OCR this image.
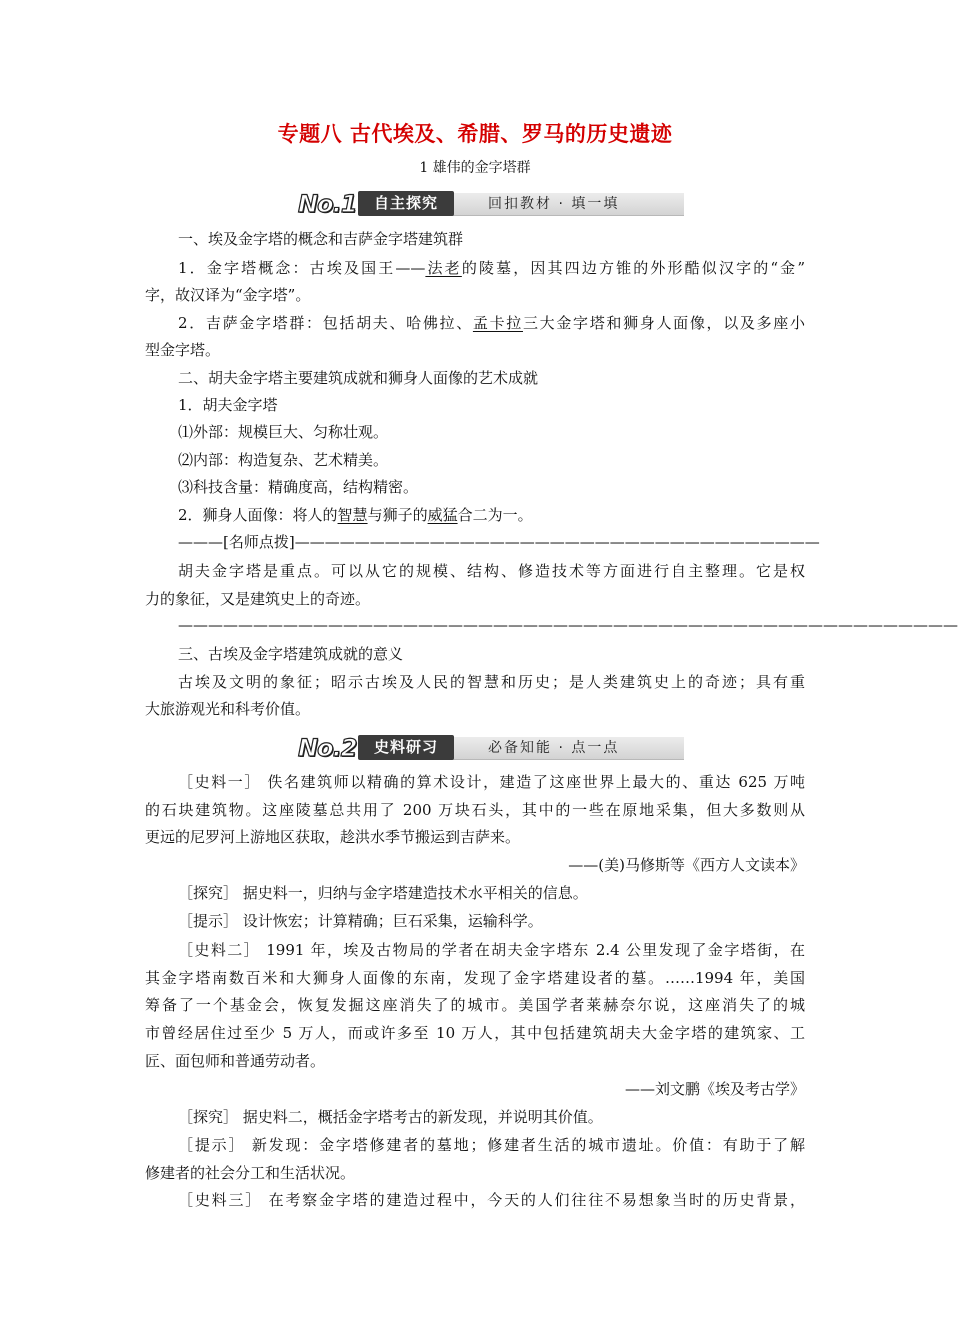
专题八 古代埃及、希腊、罗马的历史遗迹
1 雄伟的金字塔群
No.1	自主探究	回扣教材 · 填一填
一、埃及金字塔的概念和吉萨金字塔建筑群
1．金字塔概念：古埃及国王——法老的陵墓，因其四边方锥的外形酷似汉字的“金”
字，故汉译为“金字塔”。
2．吉萨金字塔群：包括胡夫、哈佛拉、孟卡拉三大金字塔和狮身人面像，以及多座小
型金字塔。
二、胡夫金字塔主要建筑成就和狮身人面像的艺术成就
1．胡夫金字塔
⑴外部：规模巨大、匀称壮观。
⑵内部：构造复杂、艺术精美。
⑶科技含量：精确度高，结构精密。
2．狮身人面像：将人的智慧与狮子的威猛合二为一。
———[名师点拨]———————————————————————————————————
胡夫金字塔是重点。可以从它的规模、结构、修造技术等方面进行自主整理。它是权
力的象征，又是建筑史上的奇迹。
————————————————————————————————————————————————————
三、古埃及金字塔建筑成就的意义
古埃及文明的象征；昭示古埃及人民的智慧和历史；是人类建筑史上的奇迹；具有重
大旅游观光和科考价值。
No.2	史料研习	必备知能 · 点一点
［史料一］ 佚名建筑师以精确的算术设计，建造了这座世界上最大的、重达 625 万吨
的石块建筑物。这座陵墓总共用了 200 万块石头，其中的一些在原地采集，但大多数则从
更远的尼罗河上游地区获取，趁洪水季节搬运到吉萨来。
——(美)马修斯等《西方人文读本》
［探究］ 据史料一，归纳与金字塔建造技术水平相关的信息。
［提示］ 设计恢宏；计算精确；巨石采集，运输科学。
［史料二］ 1991 年，埃及古物局的学者在胡夫金字塔东 2.4 公里发现了金字塔街，在
其金字塔南数百米和大狮身人面像的东南，发现了金字塔建设者的墓。……1994 年，美国
筹备了一个基金会，恢复发掘这座消失了的城市。美国学者莱赫奈尔说，这座消失了的城
市曾经居住过至少 5 万人，而或许多至 10 万人，其中包括建筑胡夫大金字塔的建筑家、工
匠、面包师和普通劳动者。
——刘文鹏《埃及考古学》
［探究］ 据史料二，概括金字塔考古的新发现，并说明其价值。
［提示］ 新发现：金字塔修建者的墓地；修建者生活的城市遗址。价值：有助于了解
修建者的社会分工和生活状况。
［史料三］ 在考察金字塔的建造过程中，今天的人们往往不易想象当时的历史背景，
